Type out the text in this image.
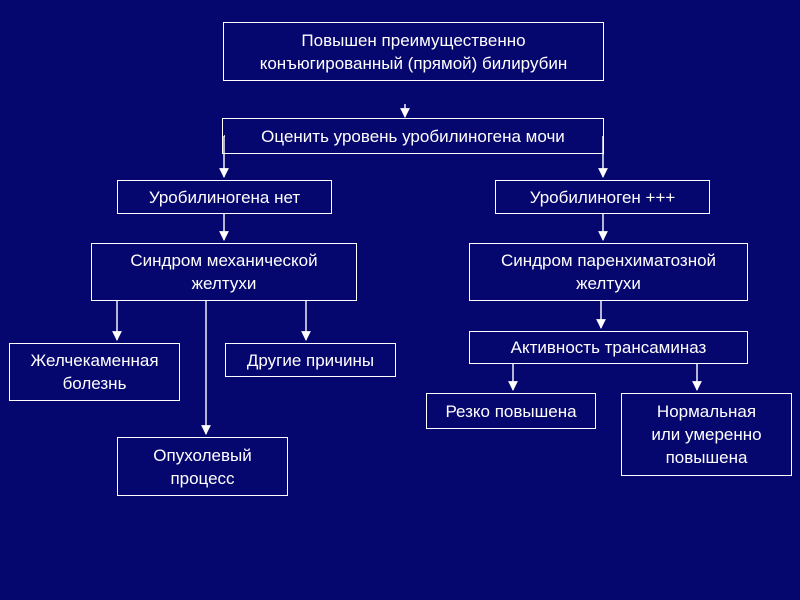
Повышен преимущественно
конъюгированный (прямой) билирубин
Оценить уровень уробилиногена мочи
Уробилиногена нет	Уробилиноген +++
Синдром механической
желтухи
Синдром паренхиматозной
желтухи
Желчекаменная
болезнь
Другие причины
Опухолевый
процесс
Активность трансаминаз
Резко повышена	Нормальная
или умеренно
повышена
